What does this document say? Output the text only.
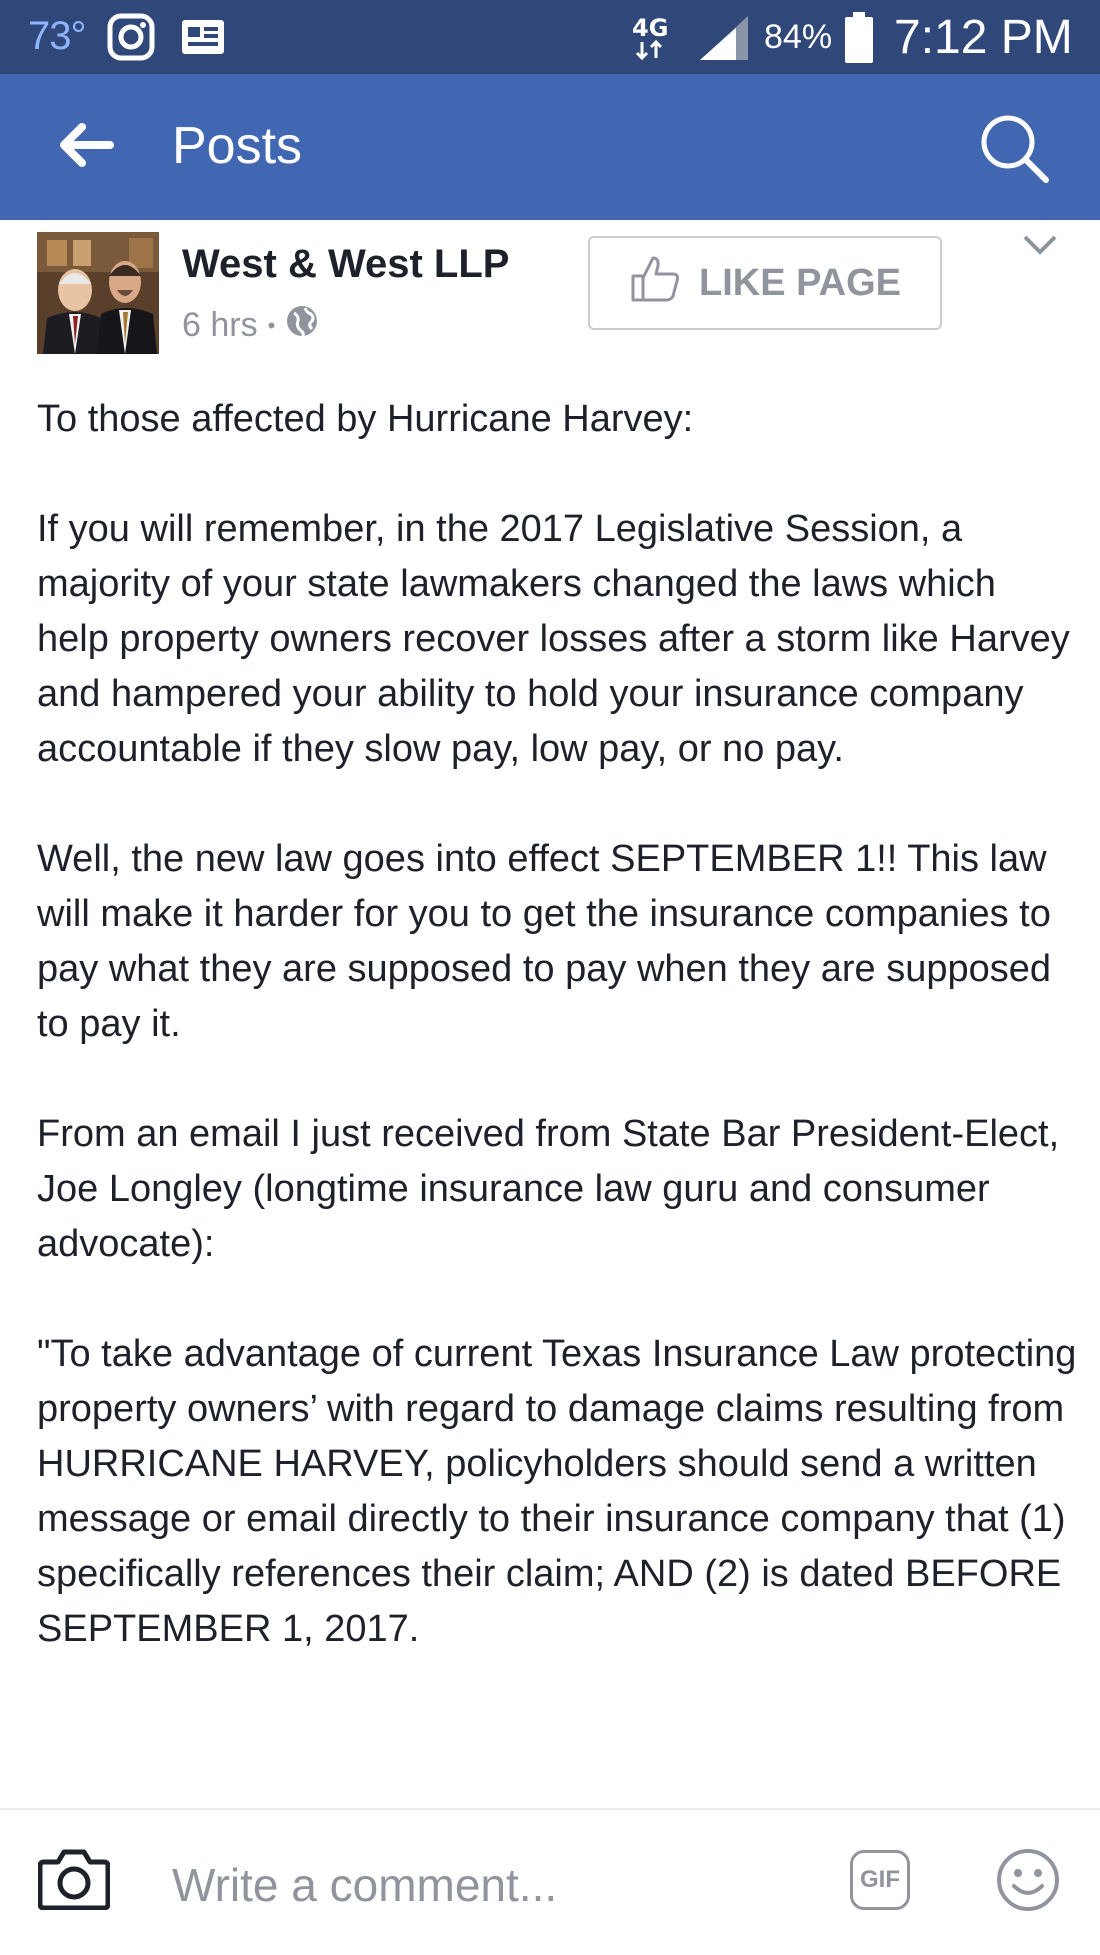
73°	4G	84% 7:12 PM
Posts
West & West LLP
6 hrs •
LIKE PAGE

To those affected by Hurricane Harvey:

If you will remember, in the 2017 Legislative Session, a majority of your state lawmakers changed the laws which help property owners recover losses after a storm like Harvey and hampered your ability to hold your insurance company accountable if they slow pay, low pay, or no pay.

Well, the new law goes into effect SEPTEMBER 1!! This law will make it harder for you to get the insurance companies to pay what they are supposed to pay when they are supposed to pay it.

From an email I just received from State Bar President-Elect, Joe Longley (longtime insurance law guru and consumer advocate):

"To take advantage of current Texas Insurance Law protecting property owners’ with regard to damage claims resulting from HURRICANE HARVEY, policyholders should send a written message or email directly to their insurance company that (1) specifically references their claim; AND (2) is dated BEFORE SEPTEMBER 1, 2017.

Write a comment...	GIF
